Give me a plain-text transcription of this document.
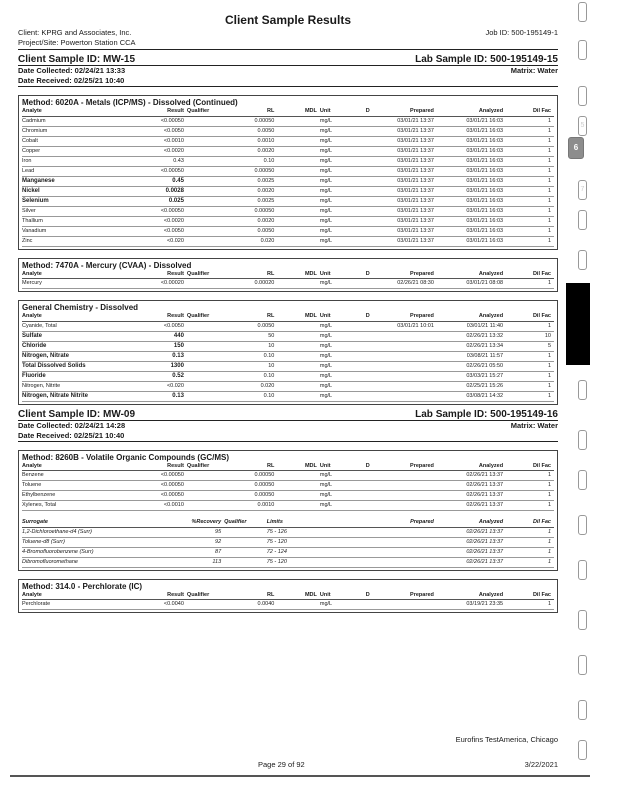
Client Sample Results
Client: KPRG and Associates, Inc.	Job ID: 500-195149-1
Project/Site: Powerton Station CCA
Client Sample ID: MW-15	Lab Sample ID: 500-195149-15
Date Collected: 02/24/21 13:33	Matrix: Water
Date Received: 02/25/21 10:40
Method: 6020A - Metals (ICP/MS) - Dissolved (Continued)
Analyte	Result	Qualifier	RL	MDL	Unit	D	Prepared	Analyzed	Dil Fac
Cadmium	<0.00050		0.00050		mg/L		03/01/21 13:37	03/01/21 16:03	1
Chromium	<0.0050		0.0050		mg/L		03/01/21 13:37	03/01/21 16:03	1
Cobalt	<0.0010		0.0010		mg/L		03/01/21 13:37	03/01/21 16:03	1
Copper	<0.0020		0.0020		mg/L		03/01/21 13:37	03/01/21 16:03	1
Iron	0.43		0.10		mg/L		03/01/21 13:37	03/01/21 16:03	1
Lead	<0.00050		0.00050		mg/L		03/01/21 13:37	03/01/21 16:03	1
Manganese	0.45		0.0025		mg/L		03/01/21 13:37	03/01/21 16:03	1
Nickel	0.0028		0.0020		mg/L		03/01/21 13:37	03/01/21 16:03	1
Selenium	0.025		0.0025		mg/L		03/01/21 13:37	03/01/21 16:03	1
Silver	<0.00050		0.00050		mg/L		03/01/21 13:37	03/01/21 16:03	1
Thallium	<0.0020		0.0020		mg/L		03/01/21 13:37	03/01/21 16:03	1
Vanadium	<0.0050		0.0050		mg/L		03/01/21 13:37	03/01/21 16:03	1
Zinc	<0.020		0.020		mg/L		03/01/21 13:37	03/01/21 16:03	1
Method: 7470A - Mercury (CVAA) - Dissolved
Analyte	Result	Qualifier	RL	MDL	Unit	D	Prepared	Analyzed	Dil Fac
Mercury	<0.00020		0.00020		mg/L		02/26/21 08:30	03/01/21 08:08	1
General Chemistry - Dissolved
Analyte	Result	Qualifier	RL	MDL	Unit	D	Prepared	Analyzed	Dil Fac
Cyanide, Total	<0.0050		0.0050		mg/L		03/01/21 10:01	03/01/21 11:40	1
Sulfate	440		50		mg/L			02/26/21 13:32	10
Chloride	150		10		mg/L			02/26/21 13:34	5
Nitrogen, Nitrate	0.13		0.10		mg/L			03/08/21 11:57	1
Total Dissolved Solids	1300		10		mg/L			02/26/21 05:50	1
Fluoride	0.52		0.10		mg/L			03/03/21 15:27	1
Nitrogen, Nitrite	<0.020		0.020		mg/L			02/25/21 15:26	1
Nitrogen, Nitrate Nitrite	0.13		0.10		mg/L			03/08/21 14:32	1
Client Sample ID: MW-09	Lab Sample ID: 500-195149-16
Date Collected: 02/24/21 14:28	Matrix: Water
Date Received: 02/25/21 10:40
Method: 8260B - Volatile Organic Compounds (GC/MS)
Analyte	Result	Qualifier	RL	MDL	Unit	D	Prepared	Analyzed	Dil Fac
Benzene	<0.00050		0.00050		mg/L			02/26/21 13:37	1
Toluene	<0.00050		0.00050		mg/L			02/26/21 13:37	1
Ethylbenzene	<0.00050		0.00050		mg/L			02/26/21 13:37	1
Xylenes, Total	<0.0010		0.0010		mg/L			02/26/21 13:37	1
Surrogate	%Recovery	Qualifier	Limits	Prepared	Analyzed	Dil Fac
1,2-Dichloroethane-d4 (Surr)	95		75 - 126		02/26/21 13:37	1
Toluene-d8 (Surr)	92		75 - 120		02/26/21 13:37	1
4-Bromofluorobenzene (Surr)	87		72 - 124		02/26/21 13:37	1
Dibromofluoromethane	113		75 - 120		02/26/21 13:37	1
Method: 314.0 - Perchlorate (IC)
Analyte	Result	Qualifier	RL	MDL	Unit	D	Prepared	Analyzed	Dil Fac
Perchlorate	<0.0040		0.0040		mg/L			03/19/21 23:35	1
Eurofins TestAmerica, Chicago
Page 29 of 92	3/22/2021
5
6
7
